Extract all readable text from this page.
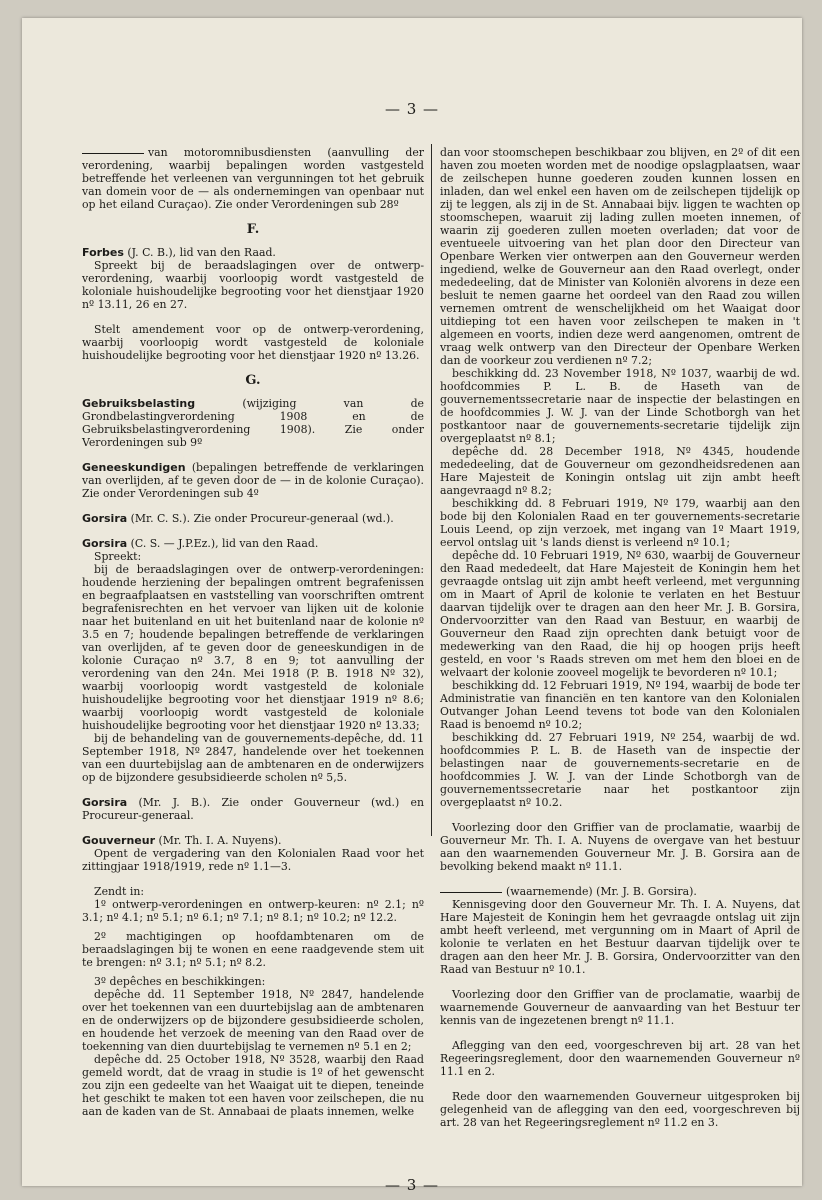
— 3 —

van motoromnibusdiensten (aanvulling der verordening, waarbij bepalingen worden vastgesteld betreffende het verleenen van vergunningen tot het gebruik van domein voor de — als ondernemingen van openbaar nut op het eiland Curaçao). Zie onder Verordeningen sub 28º

F.

Forbes (J. C. B.), lid van den Raad.

Spreekt bij de beraadslagingen over de ontwerp-verordening, waarbij voorloopig wordt vastgesteld de koloniale huishoudelijke begrooting voor het dienstjaar 1920 nº 13.11, 26 en 27.

Stelt amendement voor op de ontwerp-verordening, waarbij voorloopig wordt vastgesteld de koloniale huishoudelijke begrooting voor het dienstjaar 1920 nº 13.26.

G.

Gebruiksbelasting	(wijziging van de Grondbelastingverordening 1908 en de Gebruiksbelastingverordening 1908). Zie onder Verordeningen sub 9º

Geneeskundigen (bepalingen betreffende de verklaringen van overlijden, af te geven door de — in de kolonie Curaçao). Zie onder Verordeningen sub 4º

Gorsira (Mr. C. S.). Zie onder Procureur-generaal (wd.).

Gorsira (C. S. — J.P.Ez.), lid van den Raad.

Spreekt:

bij de beraadslagingen over de ontwerp-verordeningen: houdende herziening der bepalingen omtrent begrafenissen en begraafplaatsen en vaststelling van voorschriften omtrent begrafenisrechten en het vervoer van lijken uit de kolonie naar het buitenland en uit het buitenland naar de kolonie nº 3.5 en 7; houdende bepalingen betreffende de verklaringen van overlijden, af te geven door de geneeskundigen in de kolonie Curaçao nº 3.7, 8 en 9; tot aanvulling der verordening van den 24n. Mei 1918 (P. B. 1918 Nº 32), waarbij voorloopig wordt vastgesteld de koloniale huishoudelijke begrooting voor het dienstjaar 1919 nº 8.6; waarbij voorloopig wordt vastgesteld de koloniale huishoudelijke begrooting voor het dienstjaar 1920 nº 13.33;

bij de behandeling van de gouvernements-depêche, dd. 11 September 1918, Nº 2847, handelende over het toekennen van een duurtebijslag aan de ambtenaren en de onderwijzers op de bijzondere gesubsidieerde scholen nº 5,5.

Gorsira (Mr. J. B.). Zie onder Gouverneur (wd.) en Procureur-generaal.

Gouverneur (Mr. Th. I. A. Nuyens).

Opent de vergadering van den Kolonialen Raad voor het zittingjaar 1918/1919, rede nº 1.1—3.

Zendt in:

1º ontwerp-verordeningen en ontwerp-keuren: nº 2.1; nº 3.1; nº 4.1; nº 5.1; nº 6.1; nº 7.1; nº 8.1; nº 10.2; nº 12.2.

2º machtigingen op hoofdambtenaren om de beraadslagingen bij te wonen en eene raadgevende stem uit te brengen: nº 3.1; nº 5.1; nº 8.2.

3º depêches en beschikkingen:

depêche dd. 11 September 1918, Nº 2847, handelende over het toekennen van een duurtebijslag aan de ambtenaren en de onderwijzers op de bijzondere gesubsidieerde scholen, en houdende het verzoek de meening van den Raad over de toekenning van dien duurtebijslag te vernemen nº 5.1 en 2;

depêche dd. 25 October 1918, Nº 3528, waarbij den Raad gemeld wordt, dat de vraag in studie is 1º of het gewenscht zou zijn een gedeelte van het Waaigat uit te diepen, teneinde het geschikt te maken tot een haven voor zeilschepen, die nu aan de kaden van de St. Annabaai de plaats innemen, welke

dan voor stoomschepen beschikbaar zou blijven, en 2º of dit een haven zou moeten worden met de noodige opslagplaatsen, waar de zeilschepen hunne goederen zouden kunnen lossen en inladen, dan wel enkel een haven om de zeilschepen tijdelijk op zij te leggen, als zij in de St. Annabaai bijv. liggen te wachten op stoomschepen, waaruit zij lading zullen moeten innemen, of waarin zij goederen zullen moeten overladen; dat voor de eventueele uitvoering van het plan door den Directeur van Openbare Werken vier ontwerpen aan den Gouverneur werden ingediend, welke de Gouverneur aan den Raad overlegt, onder mededeeling, dat de Minister van Koloniën alvorens in deze een besluit te nemen gaarne het oordeel van den Raad zou willen vernemen omtrent de wenschelijkheid om het Waaigat door uitdieping tot een haven voor zeilschepen te maken in 't algemeen en voorts, indien deze werd aangenomen, omtrent de vraag welk ontwerp van den Directeur der Openbare Werken dan de voorkeur zou verdienen nº 7.2;

beschikking dd. 23 November 1918, Nº 1037, waarbij de wd. hoofdcommies P. L. B. de Haseth van de gouvernementssecretarie naar de inspectie der belastingen en de hoofdcommies J. W. J. van der Linde Schotborgh van het postkantoor naar de gouvernements-secretarie tijdelijk zijn overgeplaatst nº 8.1;

depêche dd. 28 December 1918, Nº 4345, houdende mededeeling, dat de Gouverneur om gezondheidsredenen aan Hare Majesteit de Koningin ontslag uit zijn ambt heeft aangevraagd nº 8.2;

beschikking dd. 8 Februari 1919, Nº 179, waarbij aan den bode bij den Kolonialen Raad en ter gouvernements-secretarie Louis Leend, op zijn verzoek, met ingang van 1º Maart 1919, eervol ontslag uit 's lands dienst is verleend nº 10.1;

depêche dd. 10 Februari 1919, Nº 630, waarbij de Gouverneur den Raad mededeelt, dat Hare Majesteit de Koningin hem het gevraagde ontslag uit zijn ambt heeft verleend, met vergunning om in Maart of April de kolonie te verlaten en het Bestuur daarvan tijdelijk over te dragen aan den heer Mr. J. B. Gorsira, Ondervoorzitter van den Raad van Bestuur, en waarbij de Gouverneur den Raad zijn oprechten dank betuigt voor de medewerking van den Raad, die hij op hoogen prijs heeft gesteld, en voor 's Raads streven om met hem den bloei en de welvaart der kolonie zooveel mogelijk te bevorderen nº 10.1;

beschikking dd. 12 Februari 1919, Nº 194, waarbij de bode ter Administratie van financiën en ten kantore van den Kolonialen Outvanger Johan Leend tevens tot bode van den Kolonialen Raad is benoemd nº 10.2;

beschikking dd. 27 Februari 1919, Nº 254, waarbij de wd. hoofdcommies P. L. B. de Haseth van de inspectie der belastingen naar de gouvernements-secretarie en de hoofdcommies J. W. J. van der Linde Schotborgh van de gouvernementssecretarie naar het postkantoor zijn overgeplaatst nº 10.2.

Voorlezing door den Griffier van de proclamatie, waarbij de Gouverneur Mr. Th. I. A. Nuyens de overgave van het bestuur aan den waarnemenden Gouverneur Mr. J. B. Gorsira aan de bevolking bekend maakt nº 11.1.

(waarnemende) (Mr. J. B. Gorsira).

Kennisgeving door den Gouverneur Mr. Th. I. A. Nuyens, dat Hare Majesteit de Koningin hem het gevraagde ontslag uit zijn ambt heeft verleend, met vergunning om in Maart of April de kolonie te verlaten en het Bestuur daarvan tijdelijk over te dragen aan den heer Mr. J. B. Gorsira, Ondervoorzitter van den Raad van Bestuur nº 10.1.

Voorlezing door den Griffier van de proclamatie, waarbij de waarnemende Gouverneur de aanvaarding van het Bestuur ter kennis van de ingezetenen brengt nº 11.1.

Aflegging van den eed, voorgeschreven bij art. 28 van het Regeeringsreglement, door den waarnemenden Gouverneur nº 11.1 en 2.

Rede door den waarnemenden Gouverneur uitgesproken bij gelegenheid van de aflegging van den eed, voorgeschreven bij art. 28 van het Regeeringsreglement nº 11.2 en 3.

— 3 —
